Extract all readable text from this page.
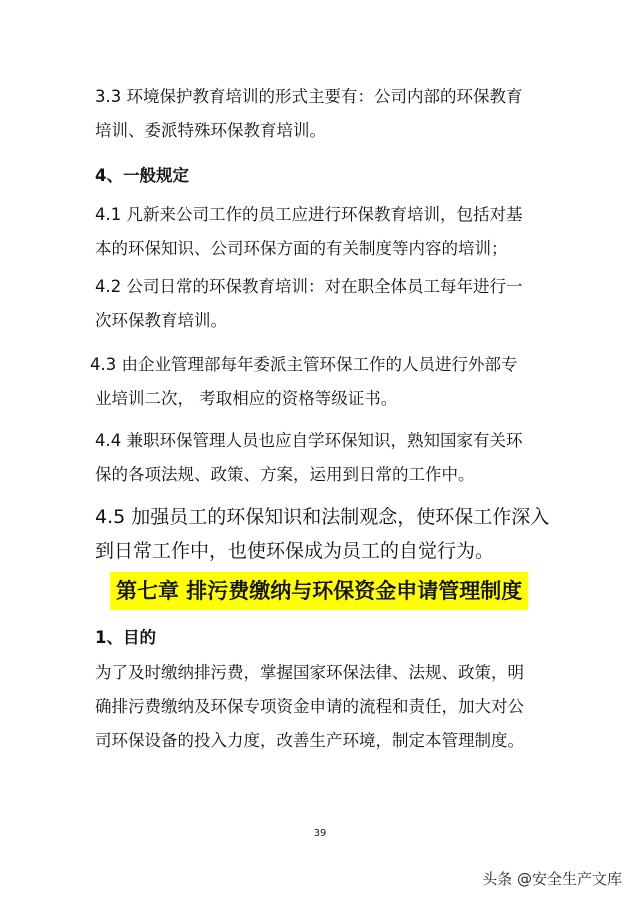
3.3 环境保护教育培训的形式主要有：公司内部的环保教育
培训、委派特殊环保教育培训。

4、一般规定

4.1 凡新来公司工作的员工应进行环保教育培训，包括对基
本的环保知识、公司环保方面的有关制度等内容的培训；

4.2 公司日常的环保教育培训：对在职全体员工每年进行一
次环保教育培训。

4.3 由企业管理部每年委派主管环保工作的人员进行外部专
业培训二次， 考取相应的资格等级证书。

4.4 兼职环保管理人员也应自学环保知识，熟知国家有关环
保的各项法规、政策、方案，运用到日常的工作中。

4.5 加强员工的环保知识和法制观念，使环保工作深入
到日常工作中，也使环保成为员工的自觉行为。

第七章 排污费缴纳与环保资金申请管理制度

1、目的

为了及时缴纳排污费，掌握国家环保法律、法规、政策，明
确排污费缴纳及环保专项资金申请的流程和责任，加大对公
司环保设备的投入力度，改善生产环境，制定本管理制度。

39
头条 @安全生产文库
